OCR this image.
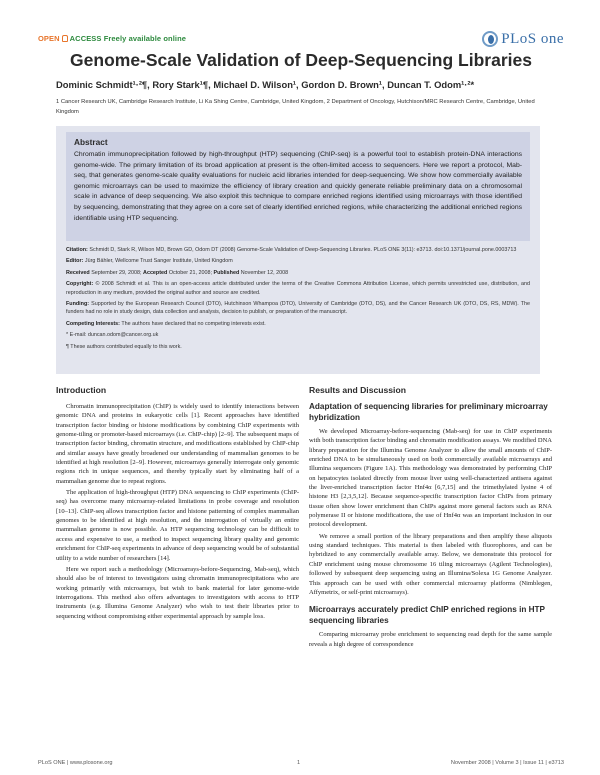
OPEN ACCESS Freely available online	PLoS one
Genome-Scale Validation of Deep-Sequencing Libraries
Dominic Schmidt¹·²¶, Rory Stark¹¶, Michael D. Wilson¹, Gordon D. Brown¹, Duncan T. Odom¹·²*
1 Cancer Research UK, Cambridge Research Institute, Li Ka Shing Centre, Cambridge, United Kingdom, 2 Department of Oncology, Hutchison/MRC Research Centre, Cambridge, United Kingdom
Abstract
Chromatin immunoprecipitation followed by high-throughput (HTP) sequencing (ChIP-seq) is a powerful tool to establish protein-DNA interactions genome-wide. The primary limitation of its broad application at present is the often-limited access to sequencers. Here we report a protocol, Mab-seq, that generates genome-scale quality evaluations for nucleic acid libraries intended for deep-sequencing. We show how commercially available genomic microarrays can be used to maximize the efficiency of library creation and quickly generate reliable preliminary data on a chromosomal scale in advance of deep sequencing. We also exploit this technique to compare enriched regions identified using microarrays with those identified by sequencing, demonstrating that they agree on a core set of clearly identified enriched regions, while characterizing the additional enriched regions identifiable using HTP sequencing.

Citation: Schmidt D, Stark R, Wilson MD, Brown GD, Odom DT (2008) Genome-Scale Validation of Deep-Sequencing Libraries. PLoS ONE 3(11): e3713. doi:10.1371/journal.pone.0003713

Editor: Jürg Bähler, Wellcome Trust Sanger Institute, United Kingdom

Received September 29, 2008; Accepted October 21, 2008; Published November 12, 2008

Copyright: © 2008 Schmidt et al. This is an open-access article distributed under the terms of the Creative Commons Attribution License, which permits unrestricted use, distribution, and reproduction in any medium, provided the original author and source are credited.

Funding: Supported by the European Research Council (DTO), Hutchinson Whampoa (DTO), University of Cambridge (DTO, DS), and the Cancer Research UK (DTO, DS, RS, MDW). The funders had no role in study design, data collection and analysis, decision to publish, or preparation of the manuscript.

Competing Interests: The authors have declared that no competing interests exist.

* E-mail: duncan.odom@cancer.org.uk

¶ These authors contributed equally to this work.

Introduction

Chromatin immunoprecipitation (ChIP) is widely used to identify interactions between genomic DNA and proteins in eukaryotic cells [1]. Recent approaches have identified transcription factor binding or histone modifications by combining ChIP experiments with genome-tiling or promoter-based microarrays (i.e. ChIP-chip) [2–9]. The subsequent maps of transcription factor binding, chromatin structure, and modifications established by ChIP-chip and similar assays have greatly broadened our understanding of mammalian genomes to be identified at high resolution [2–9]. However, microarrays generally interrogate only genomic regions rich in unique sequences, and thereby typically start by eliminating half of a mammalian genome due to repeat regions.

The application of high-throughput (HTP) DNA sequencing to ChIP experiments (ChIP-seq) has overcome many microarray-related limitations in probe coverage and resolution [10–13]. ChIP-seq allows transcription factor and histone patterning of complex mammalian genomes to be identified at high resolution, and the interrogation of virtually an entire mammalian genome is now possible. As HTP sequencing technology can be difficult to access and expensive to use, a method to inspect sequencing library quality and genomic enrichment for ChIP-seq experiments in advance of deep sequencing would be of substantial utility to a wide number of researchers [14].

Here we report such a methodology (Microarrays-before-Sequencing, Mab-seq), which should also be of interest to investigators using chromatin immunoprecipitations who are working primarily with microarrays, but wish to bank material for later genome-wide interrogations. This method also offers advantages to investigators with access to HTP instruments (e.g. Illumina Genome Analyzer) who wish to test their libraries prior to sequencing without compromising either experimental approach by sample loss.

Results and Discussion
Adaptation of sequencing libraries for preliminary microarray hybridization

We developed Microarray-before-sequencing (Mab-seq) for use in ChIP experiments with both transcription factor binding and chromatin modification assays. We modified DNA library preparation for the Illumina Genome Analyzer to allow the small amounts of ChIP-enriched DNA to be simultaneously used on both commercially available microarrays and Illumina sequencers (Figure 1A). This methodology was demonstrated by performing ChIP on hepatocytes isolated directly from mouse liver using well-characterized antisera against the liver-enriched transcription factor Hnf4α [6,7,15] and the trimethylated lysine 4 of histone H3 [2,3,5,12]. Because sequence-specific transcription factor ChIPs from primary tissue often show lower enrichment than ChIPs against more general factors such as RNA polymerase II or histone modifications, the use of Hnf4α was an important inclusion in our protocol development.

We remove a small portion of the library preparations and then amplify these aliquots using standard techniques. This material is then labeled with fluorophores, and can be hybridized to any commercially available array. Below, we demonstrate this protocol for ChIP enrichment using mouse chromosome 16 tiling microarrays (Agilent Technologies), followed by subsequent deep sequencing using an Illumina/Solexa 1G Genome Analyzer. This approach can be used with other commercial microarray platforms (Nimblegen, Affymetrix, or self-print microarrays).

Microarrays accurately predict ChIP enriched regions in HTP sequencing libraries

Comparing microarray probe enrichment to sequencing read depth for the same sample reveals a high degree of correspondence

PLoS ONE | www.plosone.org	1	November 2008 | Volume 3 | Issue 11 | e3713
